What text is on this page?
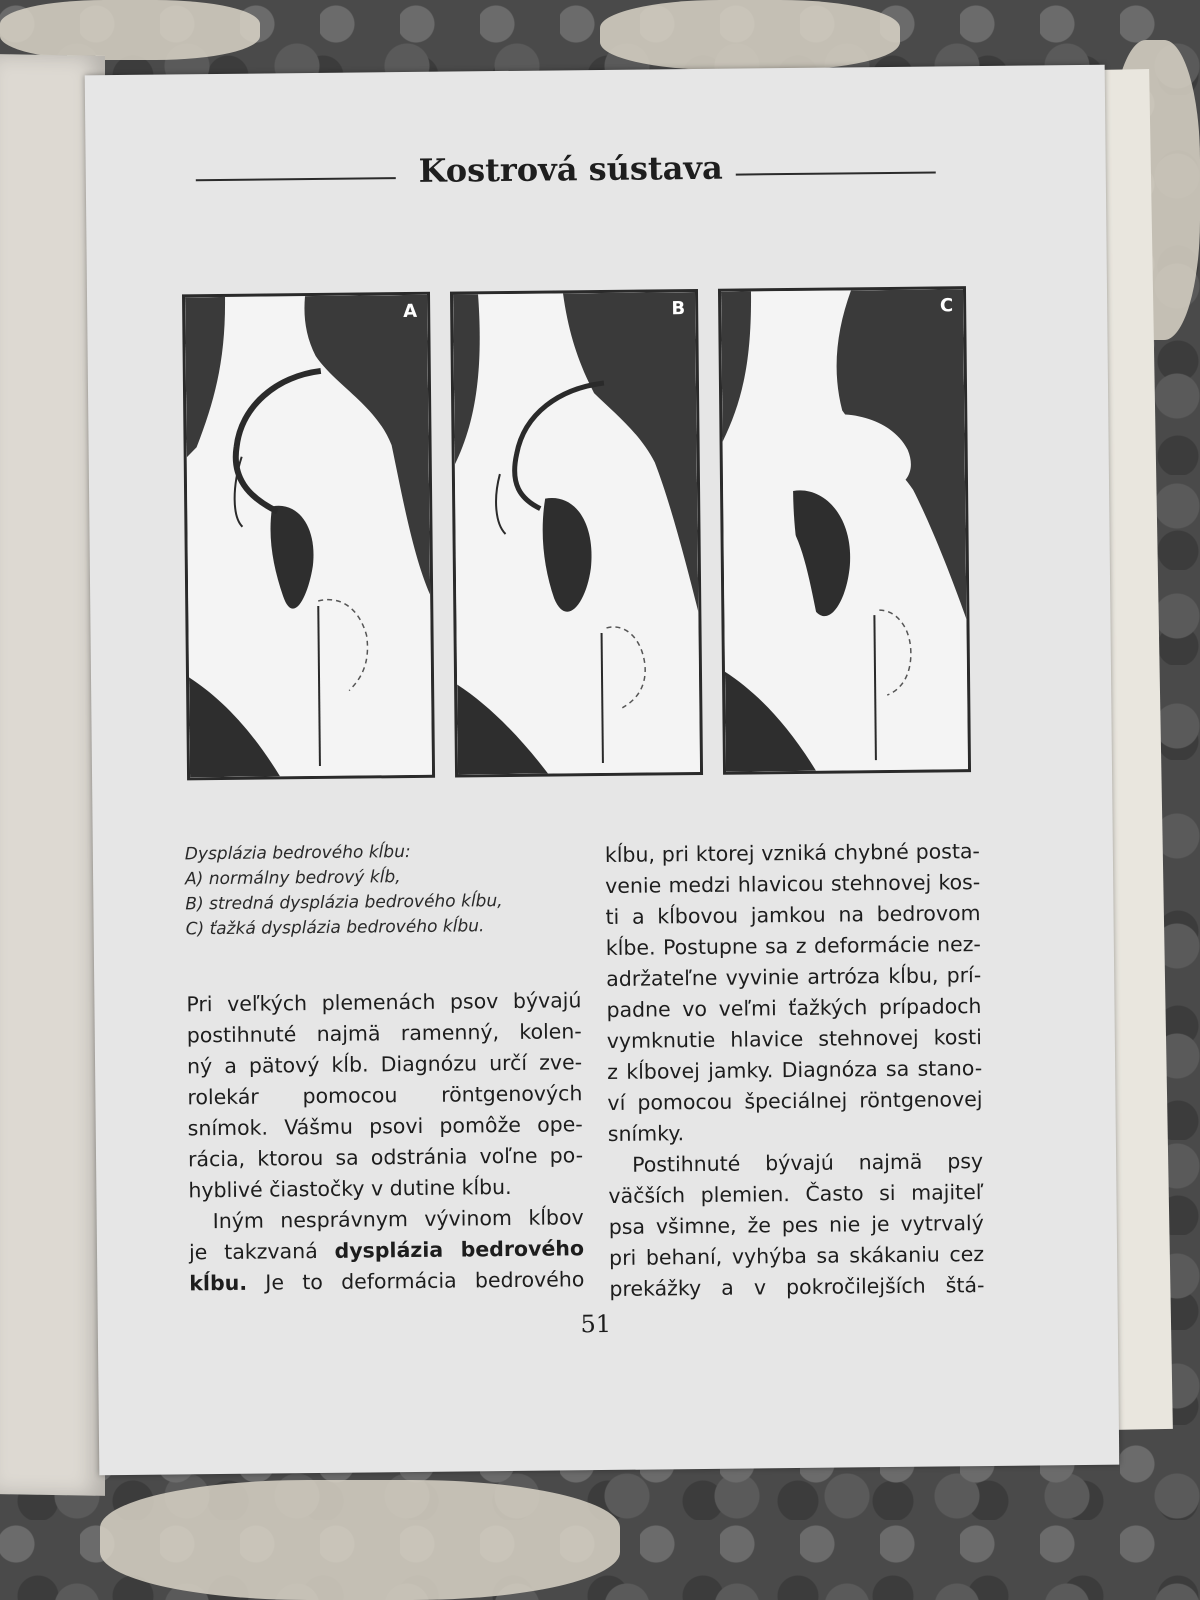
Kostrová sústava
A	B	C
Dysplázia bedrového kĺbu:
A) normálny bedrový kĺb,
B) stredná dysplázia bedrového kĺbu,
C) ťažká dysplázia bedrového kĺbu.
Pri veľkých plemenách psov bývajú
postihnuté najmä ramenný, kolen-
ný a pätový kĺb. Diagnózu určí zve-
rolekár pomocou röntgenových
snímok. Vášmu psovi pomôže ope-
rácia, ktorou sa odstránia voľne po-
hyblivé čiastočky v dutine kĺbu.
Iným nesprávnym vývinom kĺbov
je takzvaná dysplázia bedrového
kĺbu. Je to deformácia bedrového
kĺbu, pri ktorej vzniká chybné posta-
venie medzi hlavicou stehnovej kos-
ti a kĺbovou jamkou na bedrovom
kĺbe. Postupne sa z deformácie nez-
adržateľne vyvinie artróza kĺbu, prí-
padne vo veľmi ťažkých prípadoch
vymknutie hlavice stehnovej kosti
z kĺbovej jamky. Diagnóza sa stano-
ví pomocou špeciálnej röntgenovej
snímky.
Postihnuté bývajú najmä psy
väčších plemien. Často si majiteľ
psa všimne, že pes nie je vytrvalý
pri behaní, vyhýba sa skákaniu cez
prekážky a v pokročilejších štá-
51
